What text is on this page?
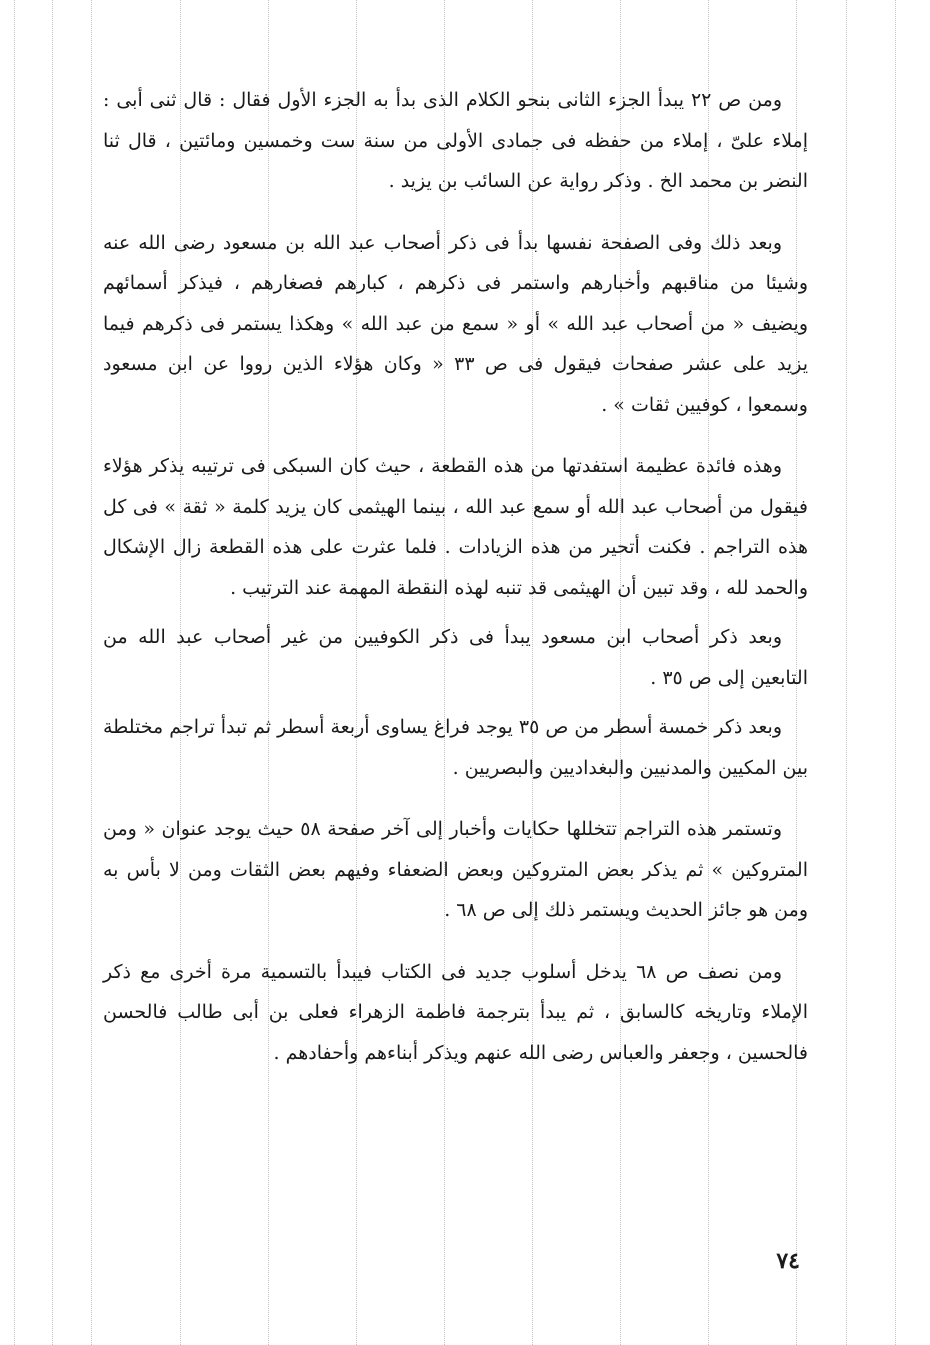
ومن ص ٢٢ يبدأ الجزء الثانى بنحو الكلام الذى بدأ به الجزء الأول فقال : قال ثنى أبى : إملاء علىّ ، إملاء من حفظه فى جمادى الأولى من سنة ست وخمسين ومائتين ، قال ثنا النضر بن محمد الخ . وذكر رواية عن السائب بن يزيد .

وبعد ذلك وفى الصفحة نفسها بدأ فى ذكر أصحاب عبد الله بن مسعود رضى الله عنه وشيئا من مناقبهم وأخبارهم واستمر فى ذكرهم ، كبارهم فصغارهم ، فيذكر أسمائهم ويضيف « من أصحاب عبد الله » أو « سمع من عبد الله » وهكذا يستمر فى ذكرهم فيما يزيد على عشر صفحات فيقول فى ص ٣٣ « وكان هؤلاء الذين رووا عن ابن مسعود وسمعوا ، كوفيين ثقات » .

وهذه فائدة عظيمة استفدتها من هذه القطعة ، حيث كان السبكى فى ترتيبه يذكر هؤلاء فيقول من أصحاب عبد الله أو سمع عبد الله ، بينما الهيثمى كان يزيد كلمة « ثقة » فى كل هذه التراجم . فكنت أتحير من هذه الزيادات . فلما عثرت على هذه القطعة زال الإشكال والحمد لله ، وقد تبين أن الهيثمى قد تنبه لهذه النقطة المهمة عند الترتيب .

وبعد ذكر أصحاب ابن مسعود يبدأ فى ذكر الكوفيين من غير أصحاب عبد الله من التابعين إلى ص ٣٥ .

وبعد ذكر خمسة أسطر من ص ٣٥ يوجد فراغ يساوى أربعة أسطر ثم تبدأ تراجم مختلطة بين المكيين والمدنيين والبغداديين والبصريين .

وتستمر هذه التراجم تتخللها حكايات وأخبار إلى آخر صفحة ٥٨ حيث يوجد عنوان « ومن المتروكين » ثم يذكر بعض المتروكين وبعض الضعفاء وفيهم بعض الثقات ومن لا بأس به ومن هو جائز الحديث ويستمر ذلك إلى ص ٦٨ .

ومن نصف ص ٦٨ يدخل أسلوب جديد فى الكتاب فيبدأ بالتسمية مرة أخرى مع ذكر الإملاء وتاريخه كالسابق ، ثم يبدأ بترجمة فاطمة الزهراء فعلى بن أبى طالب فالحسن فالحسين ، وجعفر والعباس رضى الله عنهم ويذكر أبناءهم وأحفادهم .

٧٤
